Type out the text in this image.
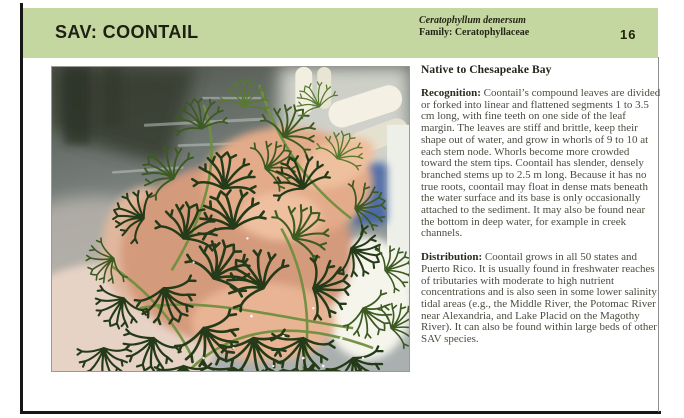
SAV: COONTAIL
Ceratophyllum demersum
Family: Ceratophyllaceae	16
Native to Chesapeake Bay

Recognition: Coontail’s compound leaves are divided or forked into linear and flattened segments 1 to 3.5 cm long, with fine teeth on one side of the leaf margin. The leaves are stiff and brittle, keep their shape out of water, and grow in whorls of 9 to 10 at each stem node. Whorls become more crowded toward the stem tips. Coontail has slender, densely branched stems up to 2.5 m long. Because it has no true roots, coontail may float in dense mats beneath the water surface and its base is only occasionally attached to the sediment. It may also be found near the bottom in deep water, for example in creek channels.

Distribution: Coontail grows in all 50 states and Puerto Rico. It is usually found in freshwater reaches of tributaries with moderate to high nutrient concentrations and is also seen in some lower salinity tidal areas (e.g., the Middle River, the Potomac River near Alexandria, and Lake Placid on the Magothy River). It can also be found within large beds of other SAV species.
